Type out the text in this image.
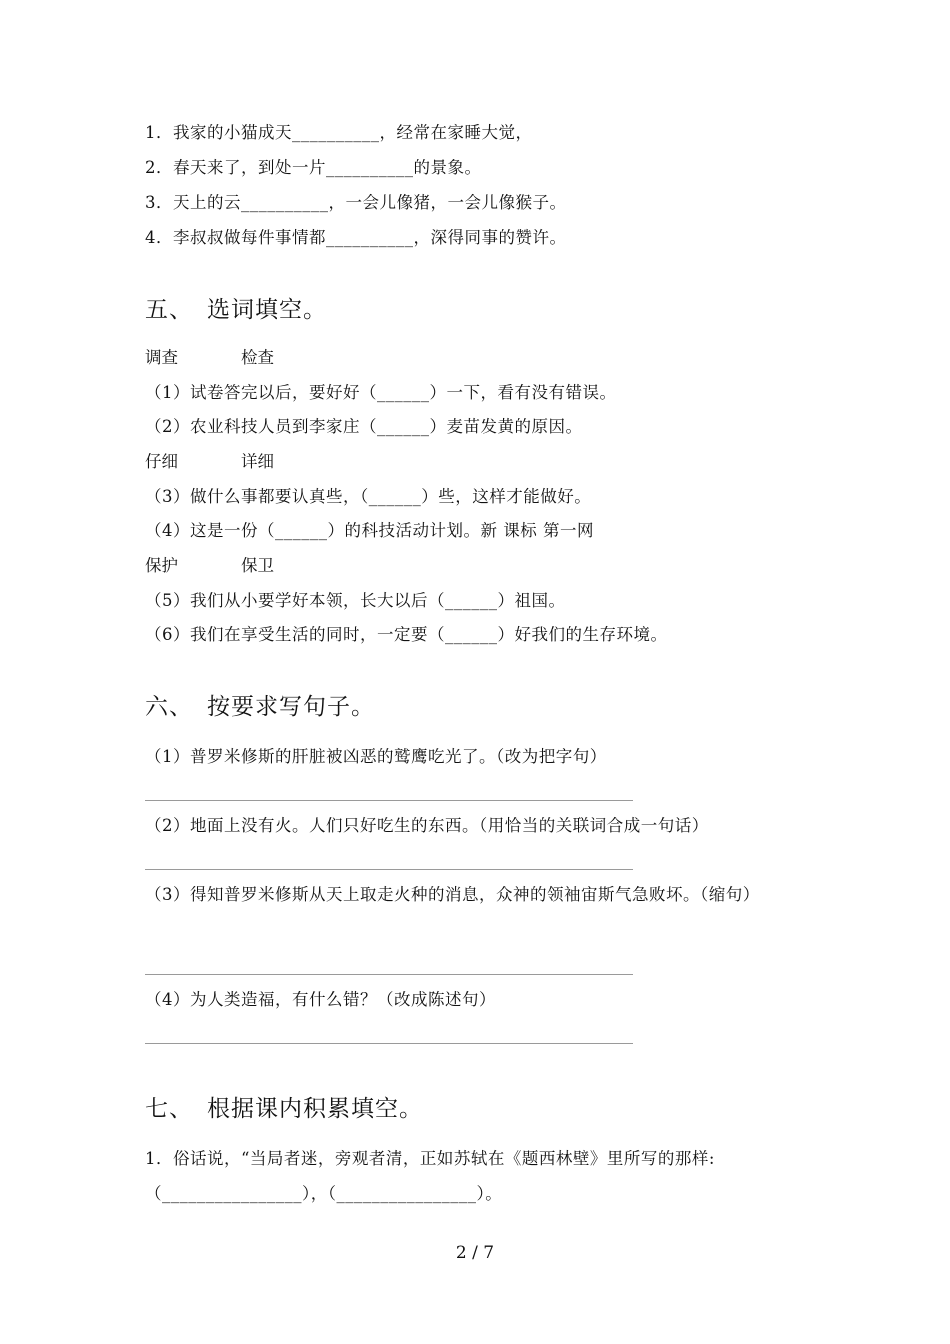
1．我家的小猫成天__________，经常在家睡大觉，
2．春天来了，到处一片__________的景象。
3．天上的云__________，一会儿像猪，一会儿像猴子。
4．李叔叔做每件事情都__________，深得同事的赞许。
五、 选词填空。
调查	检查
（1）试卷答完以后，要好好（______）一下，看有没有错误。
（2）农业科技人员到李家庄（______）麦苗发黄的原因。
仔细	详细
（3）做什么事都要认真些，（______）些，这样才能做好。
（4）这是一份（______）的科技活动计划。新 课标 第一网
保护	保卫
（5）我们从小要学好本领，长大以后（______）祖国。
（6）我们在享受生活的同时，一定要（______）好我们的生存环境。
六、 按要求写句子。
（1）普罗米修斯的肝脏被凶恶的鹫鹰吃光了。（改为把字句）
（2）地面上没有火。人们只好吃生的东西。（用恰当的关联词合成一句话）
（3）得知普罗米修斯从天上取走火种的消息，众神的领袖宙斯气急败坏。（缩句）
（4）为人类造福，有什么错？（改成陈述句）
七、 根据课内积累填空。
1．俗话说，“当局者迷，旁观者清，正如苏轼在《题西林壁》里所写的那样:
（________________），（________________）。
2 / 7
